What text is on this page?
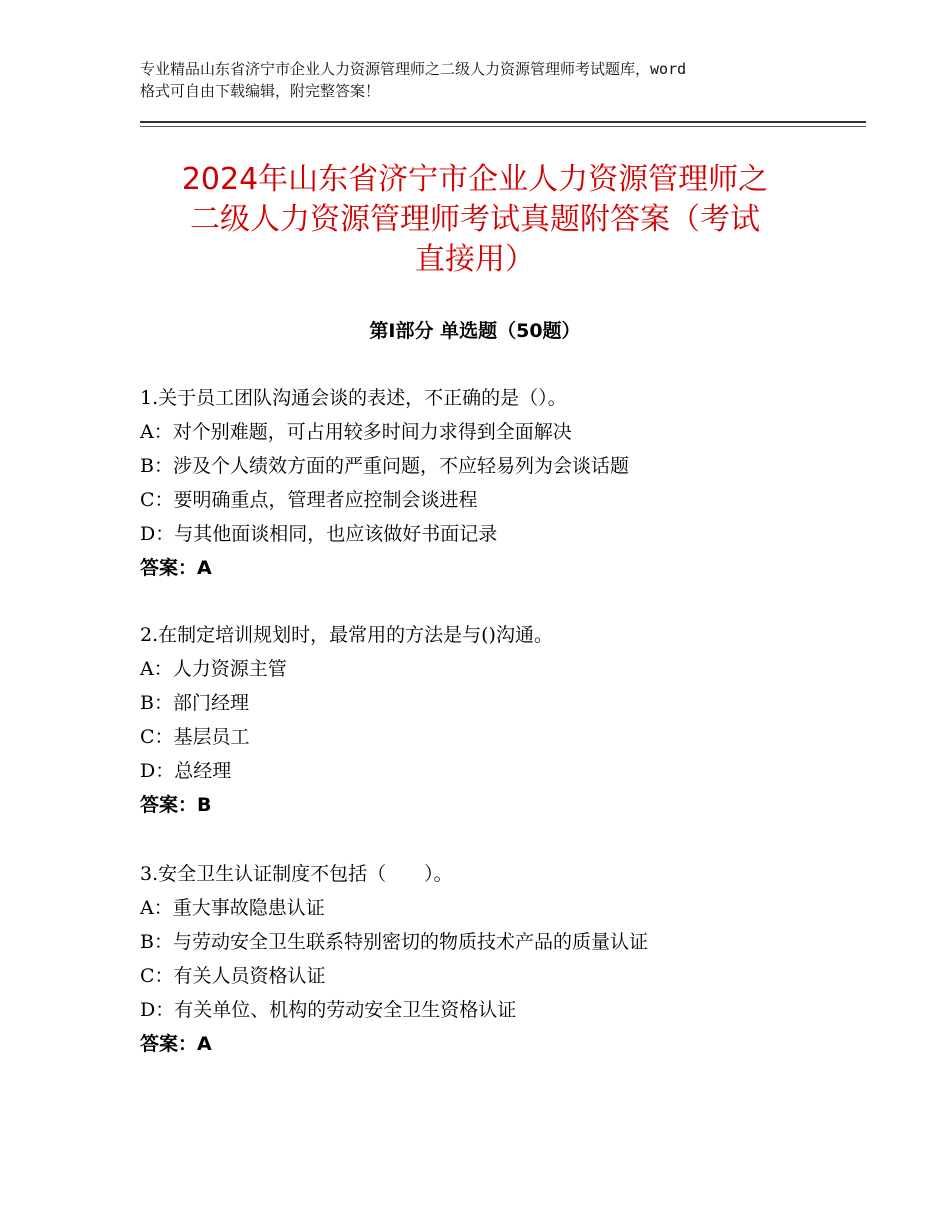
专业精品山东省济宁市企业人力资源管理师之二级人力资源管理师考试题库，word
格式可自由下载编辑，附完整答案！
2024年山东省济宁市企业人力资源管理师之
二级人力资源管理师考试真题附答案（考试
直接用）
第Ⅰ部分 单选题（50题）
1.关于员工团队沟通会谈的表述，不正确的是（）。
A：对个别难题，可占用较多时间力求得到全面解决
B：涉及个人绩效方面的严重问题，不应轻易列为会谈话题
C：要明确重点，管理者应控制会谈进程
D：与其他面谈相同，也应该做好书面记录
答案：A
2.在制定培训规划时，最常用的方法是与()沟通。
A：人力资源主管
B：部门经理
C：基层员工
D：总经理
答案：B
3.安全卫生认证制度不包括（　　）。
A：重大事故隐患认证
B：与劳动安全卫生联系特别密切的物质技术产品的质量认证
C：有关人员资格认证
D：有关单位、机构的劳动安全卫生资格认证
答案：A
